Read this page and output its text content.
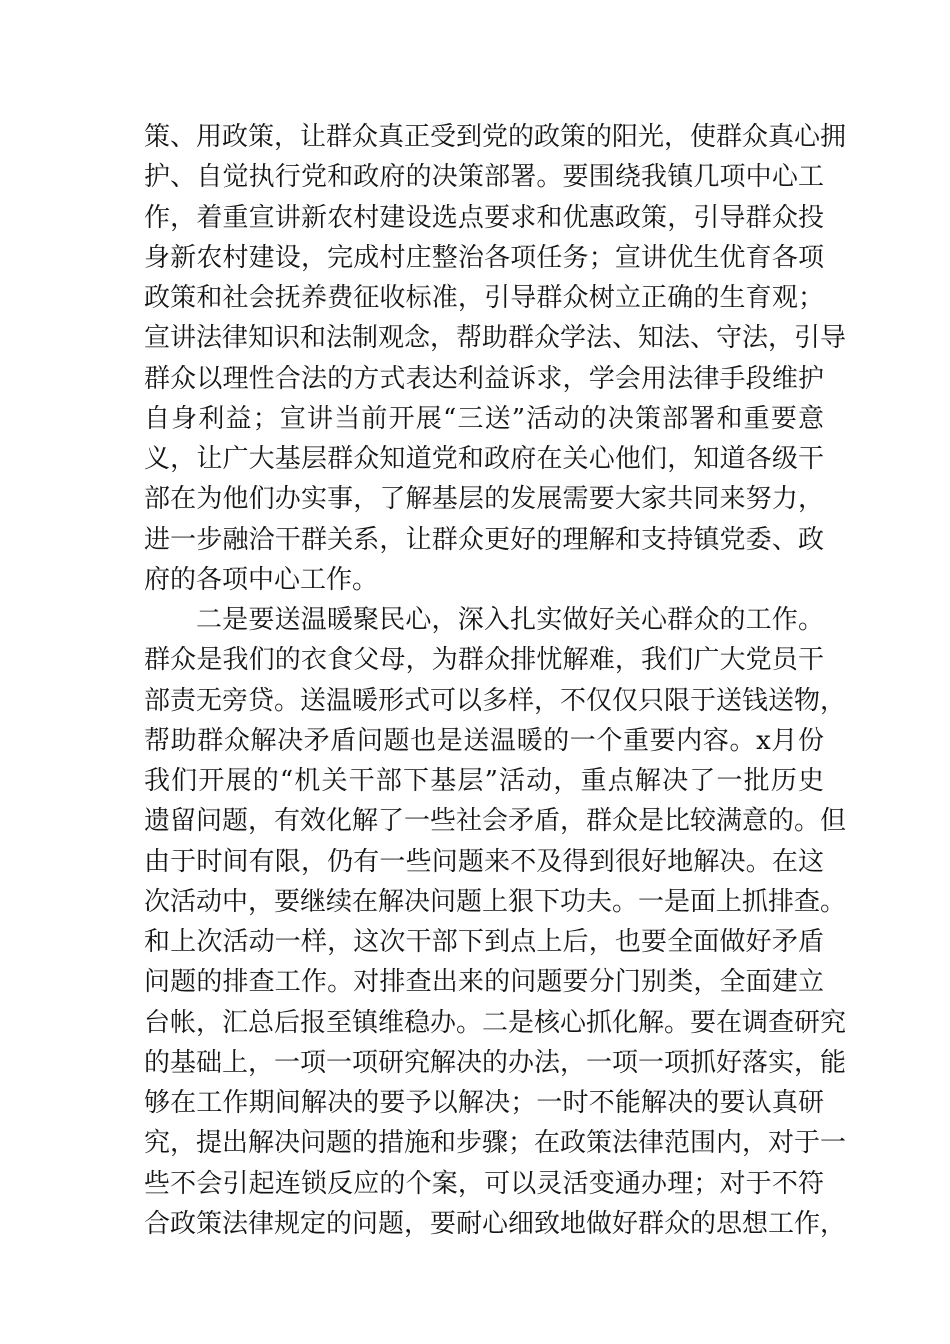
策、用政策，让群众真正受到党的政策的阳光，使群众真心拥
护、自觉执行党和政府的决策部署。要围绕我镇几项中心工
作，着重宣讲新农村建设选点要求和优惠政策，引导群众投
身新农村建设，完成村庄整治各项任务；宣讲优生优育各项
政策和社会抚养费征收标准，引导群众树立正确的生育观；
宣讲法律知识和法制观念，帮助群众学法、知法、守法，引导
群众以理性合法的方式表达利益诉求，学会用法律手段维护
自身利益；宣讲当前开展“三送”活动的决策部署和重要意
义，让广大基层群众知道党和政府在关心他们，知道各级干
部在为他们办实事，了解基层的发展需要大家共同来努力，
进一步融洽干群关系，让群众更好的理解和支持镇党委、政
府的各项中心工作。
二是要送温暖聚民心，深入扎实做好关心群众的工作。
群众是我们的衣食父母，为群众排忧解难，我们广大党员干
部责无旁贷。送温暖形式可以多样，不仅仅只限于送钱送物，
帮助群众解决矛盾问题也是送温暖的一个重要内容。x月份
我们开展的“机关干部下基层”活动，重点解决了一批历史
遗留问题，有效化解了一些社会矛盾，群众是比较满意的。但
由于时间有限，仍有一些问题来不及得到很好地解决。在这
次活动中，要继续在解决问题上狠下功夫。一是面上抓排查。
和上次活动一样，这次干部下到点上后，也要全面做好矛盾
问题的排查工作。对排查出来的问题要分门别类，全面建立
台帐，汇总后报至镇维稳办。二是核心抓化解。要在调查研究
的基础上，一项一项研究解决的办法，一项一项抓好落实，能
够在工作期间解决的要予以解决；一时不能解决的要认真研
究，提出解决问题的措施和步骤；在政策法律范围内，对于一
些不会引起连锁反应的个案，可以灵活变通办理；对于不符
合政策法律规定的问题，要耐心细致地做好群众的思想工作，
